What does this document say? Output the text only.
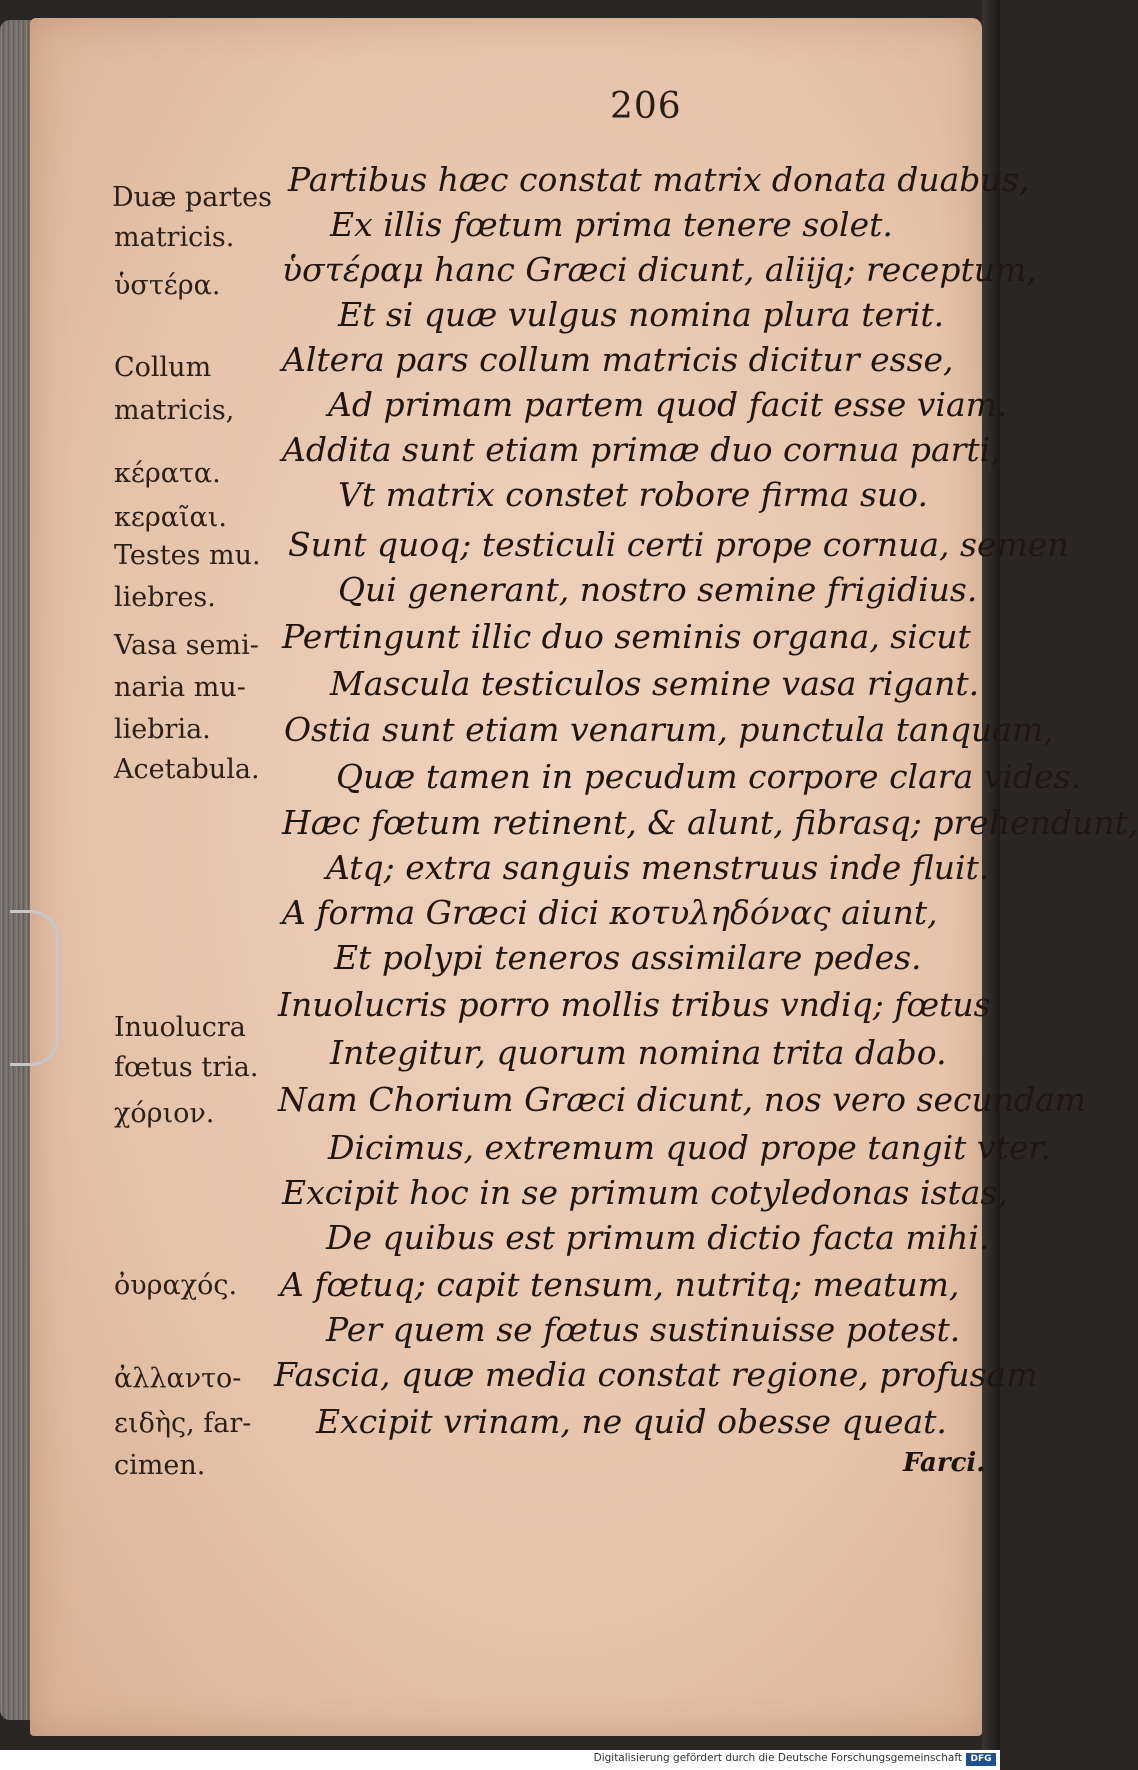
206
Partibus hæc constat matrix donata duabus,
Ex illis fœtum prima tenere solet.
ὑστέραμ hanc Græci dicunt, aliĳq; receptum,
Et si quæ vulgus nomina plura terit.
Altera pars collum matricis dicitur esse,
Ad primam partem quod facit esse viam.
Addita sunt etiam primæ duo cornua parti,
Vt matrix constet robore firma suo.
Sunt quoq; testiculi certi prope cornua, semen
Qui generant, nostro semine frigidius.
Pertingunt illic duo seminis organa, sicut
Mascula testiculos semine vasa rigant.
Ostia sunt etiam venarum, punctula tanquam,
Quæ tamen in pecudum corpore clara vides.
Hæc fœtum retinent, & alunt, fibrasq; prehendunt,
Atq; extra sanguis menstruus inde fluit.
A forma Græci dici κοτυληδόνας aiunt,
Et polypi teneros assimilare pedes.
Inuolucris porro mollis tribus vndiq; fœtus
Integitur, quorum nomina trita dabo.
Nam Chorium Græci dicunt, nos vero secundam
Dicimus, extremum quod prope tangit vter.
Excipit hoc in se primum cotyledonas istas,
De quibus est primum dictio facta mihi.
A fœtuq; capit tensum, nutritq; meatum,
Per quem se fœtus sustinuisse potest.
Fascia, quæ media constat regione, profusam
Excipit vrinam, ne quid obesse queat.
Duæ partes
matricis.
ὑστέρα.
Collum
matricis,
κέρατα.
κεραῖαι.
Testes mu.
liebres.
Vasa semi-
naria mu-
liebria.
Acetabula.
Inuolucra
fœtus tria.
χόριον.
ὀυραχός.
ἀλλαντο-
ειδὴς, far-
cimen.	Farci.
Digitalisierung gefördert durch die Deutsche Forschungsgemeinschaft DFG
